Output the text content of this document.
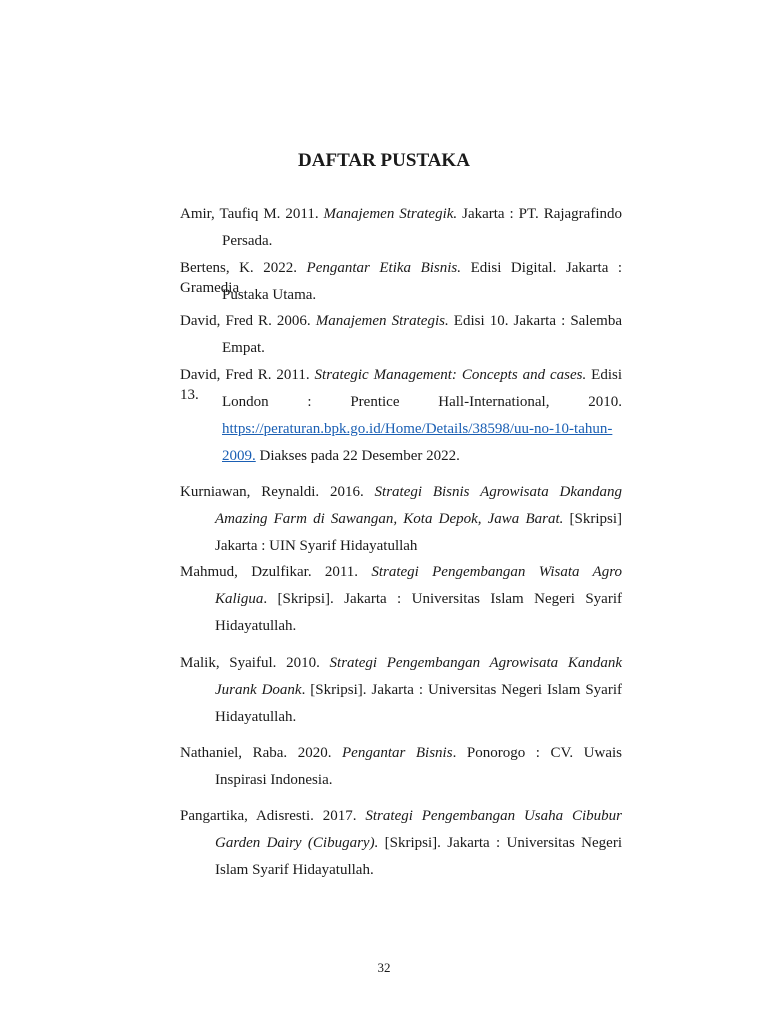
DAFTAR PUSTAKA
Amir, Taufiq M. 2011. Manajemen Strategik. Jakarta : PT. Rajagrafindo
Persada.
Bertens, K. 2022. Pengantar Etika Bisnis. Edisi Digital. Jakarta : Gramedia
Pustaka Utama.
David, Fred R. 2006. Manajemen Strategis. Edisi 10. Jakarta : Salemba
Empat.
David, Fred R. 2011. Strategic Management: Concepts and cases. Edisi 13.	London	:	Prentice	Hall-International,	2010.
https://peraturan.bpk.go.id/Home/Details/38598/uu-no-10-tahun-
2009. Diakses pada 22 Desember 2022.
Kurniawan, Reynaldi. 2016. Strategi Bisnis Agrowisata Dkandang
Amazing Farm di Sawangan, Kota Depok, Jawa Barat. [Skripsi]
Jakarta : UIN Syarif Hidayatullah
Mahmud, Dzulfikar. 2011. Strategi Pengembangan Wisata Agro
Kaligua. [Skripsi]. Jakarta : Universitas Islam Negeri Syarif
Hidayatullah.
Malik, Syaiful. 2010. Strategi Pengembangan Agrowisata Kandank
Jurank Doank. [Skripsi]. Jakarta : Universitas Negeri Islam Syarif
Hidayatullah.
Nathaniel, Raba. 2020. Pengantar Bisnis. Ponorogo : CV. Uwais
Inspirasi Indonesia.
Pangartika, Adisresti. 2017. Strategi Pengembangan Usaha Cibubur
Garden Dairy (Cibugary). [Skripsi]. Jakarta : Universitas Negeri
Islam Syarif Hidayatullah.
32
